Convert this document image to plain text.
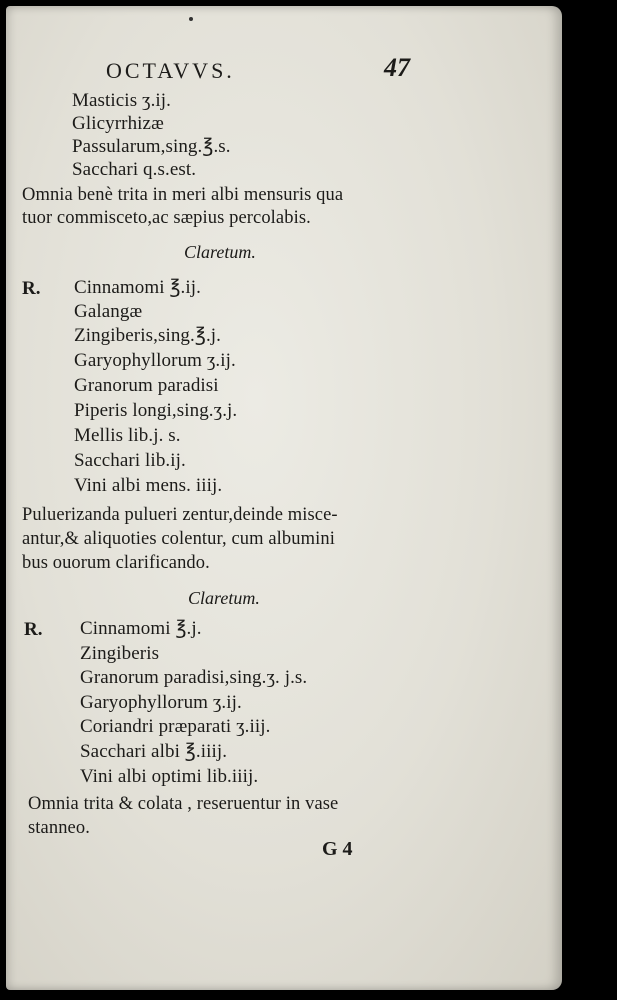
OCTAVVS.	47
Masticis ʒ.ij.
Glicyrrhizæ
Passularum,sing.℥.s.
Sacchari q.s.est.
Omnia benè trita in meri albi mensuris qua
tuor commisceto,ac sæpius percolabis.
Claretum.
R. Cinnamomi ℥.ij.
Galangæ
Zingiberis,sing.℥.j.
Garyophyllorum ʒ.ij.
Granorum paradisi
Piperis longi,sing.ʒ.j.
Mellis lib.j. s.
Sacchari lib.ij.
Vini albi mens. iiij.
Puluerizanda pulueri zentur,deinde misce-
antur,& aliquoties colentur, cum albumini
bus ouorum clarificando.
Claretum.
R. Cinnamomi ℥.j.
Zingiberis
Granorum paradisi,sing.ʒ. j.s.
Garyophyllorum ʒ.ij.
Coriandri præparati ʒ.iij.
Sacchari albi ℥.iiij.
Vini albi optimi lib.iiij.
Omnia trita & colata , reseruentur in vase
stanneo.
G 4
